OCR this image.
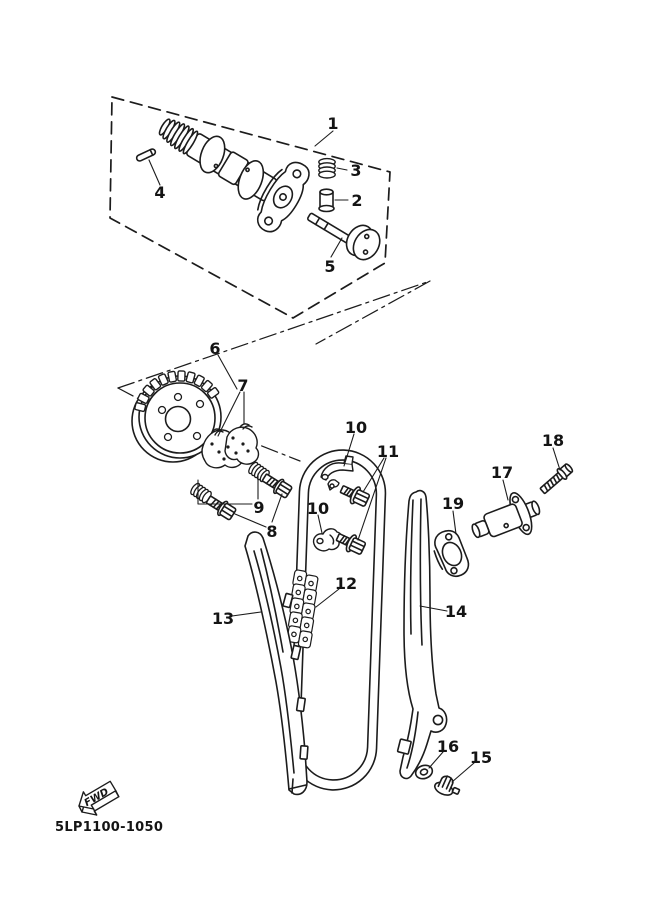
1
2
3
4
5
6
7
8
9
10
10
11
12
13	14
15
16
17
18
19
FWD
5LP1100-1050
